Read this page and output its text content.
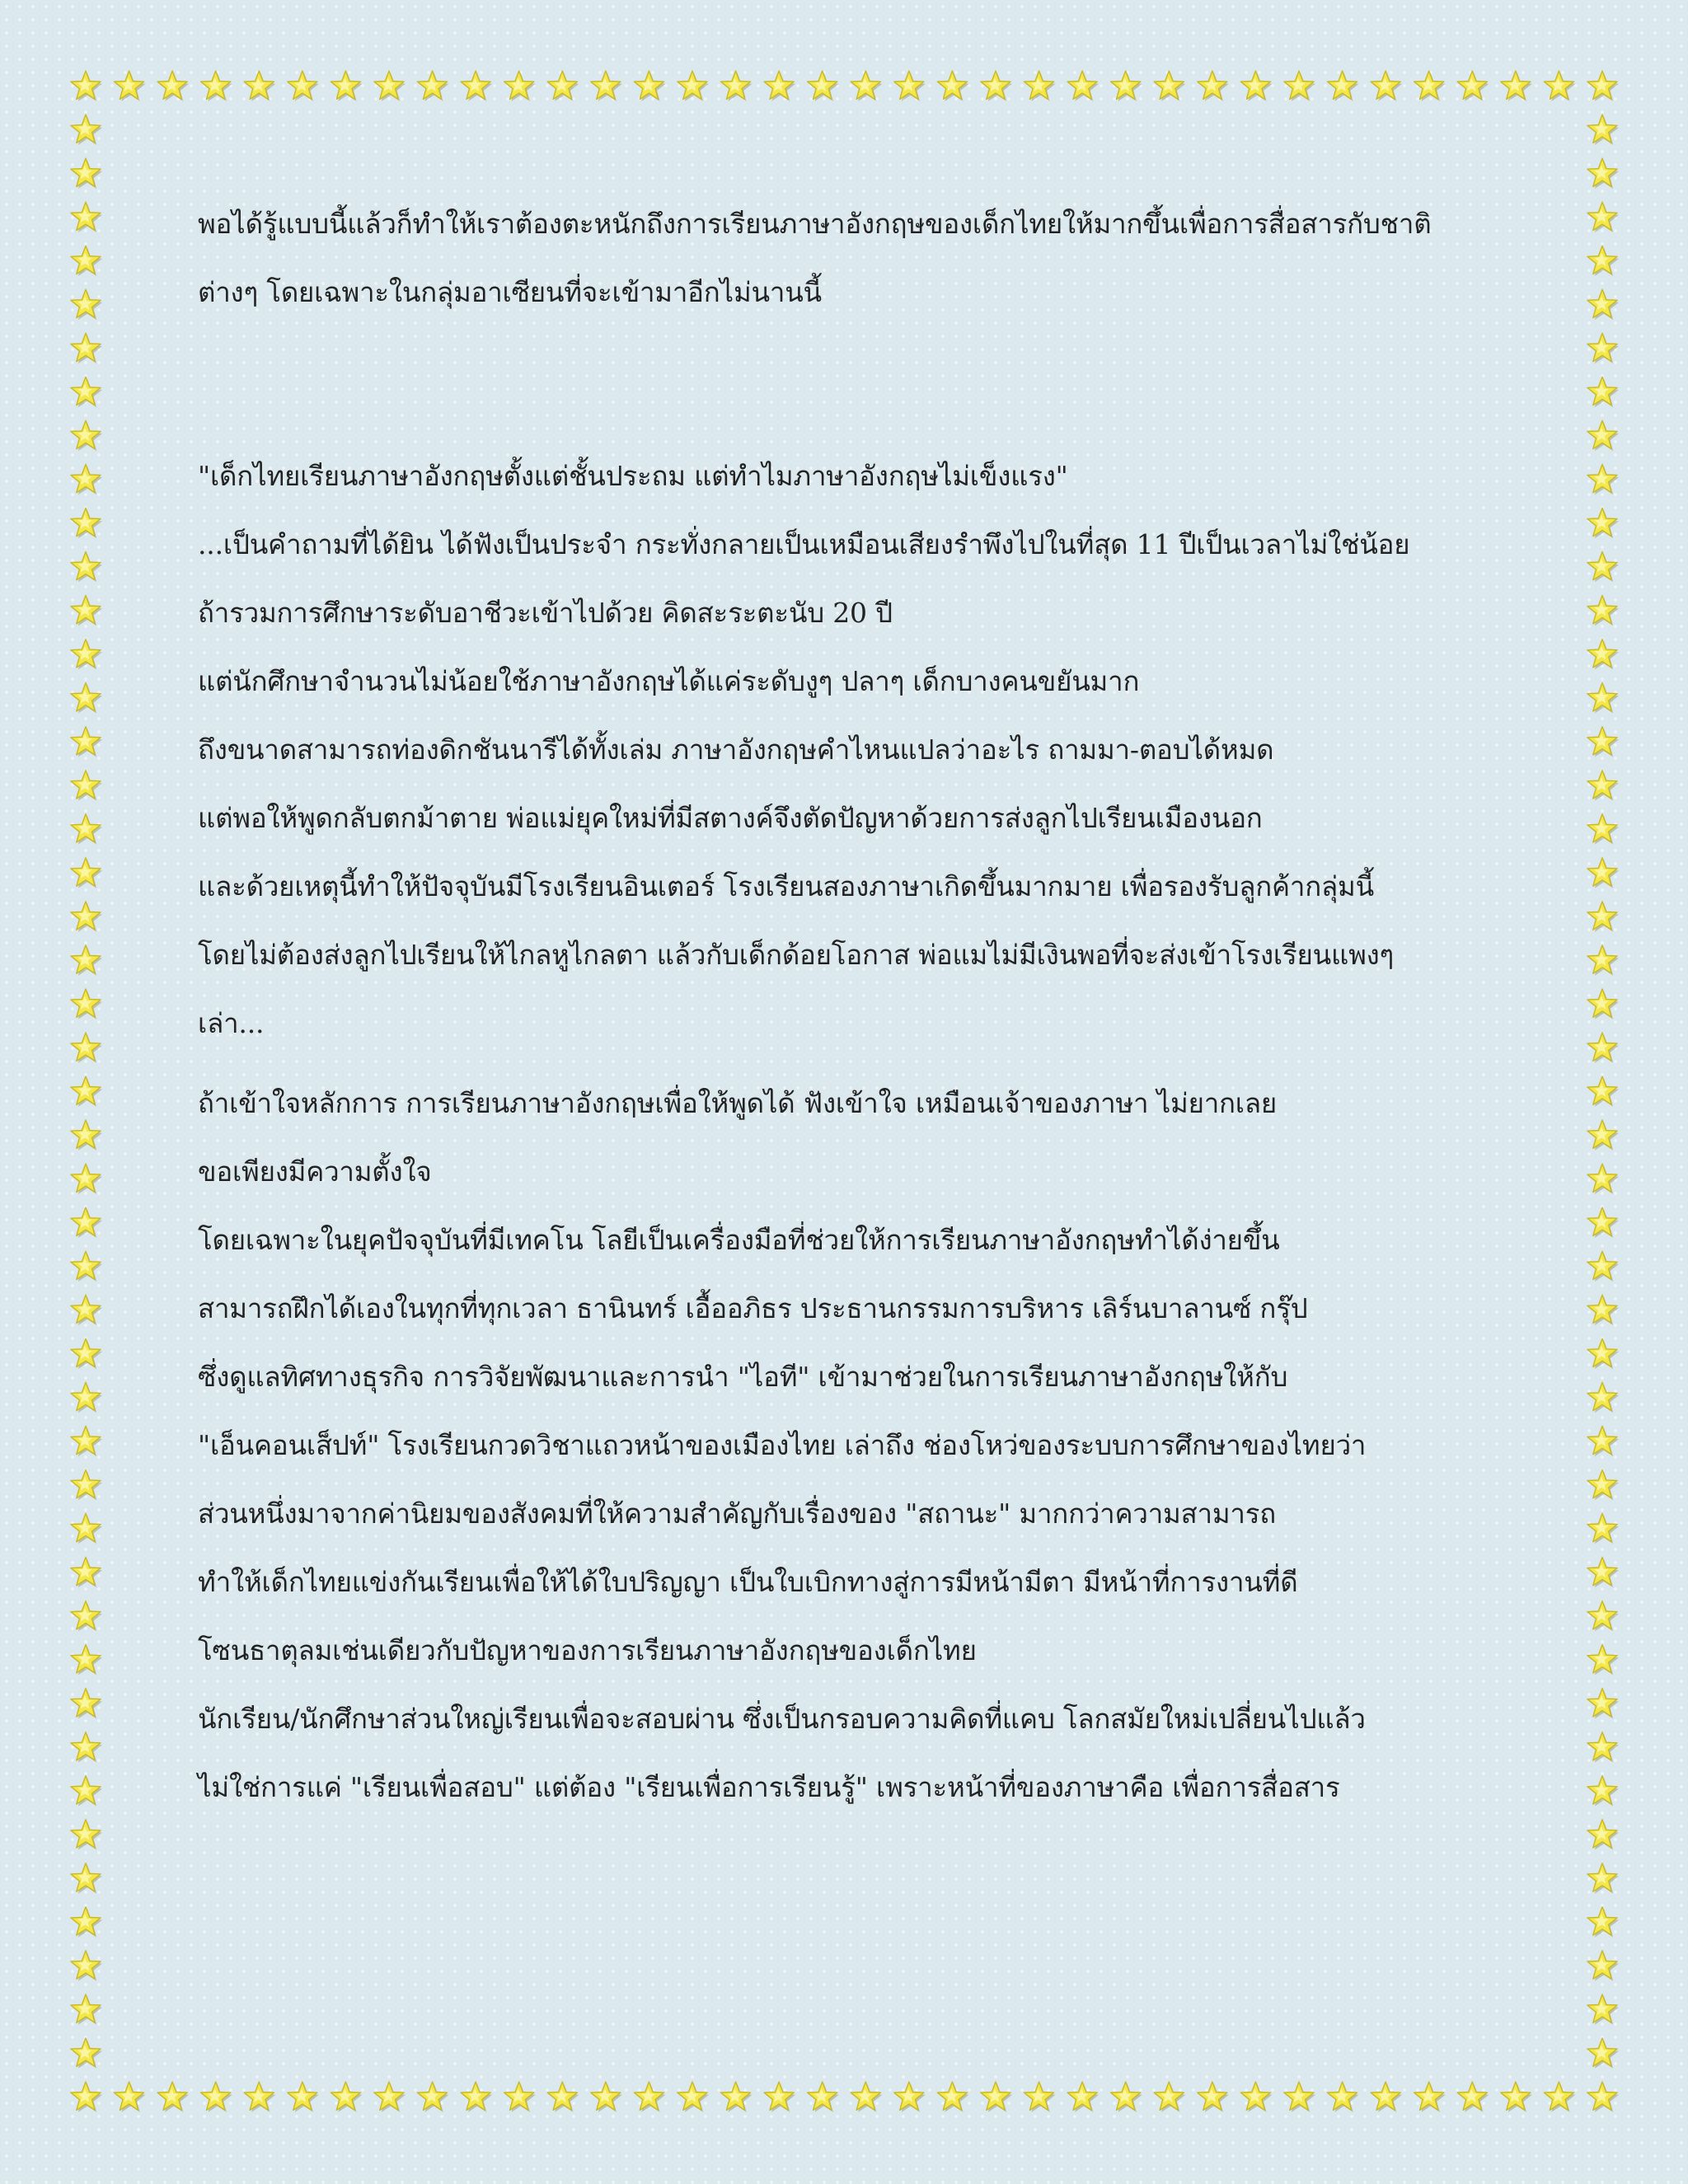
พอได้รู้แบบนี้แล้วก็ทำให้เราต้องตะหนักถึงการเรียนภาษาอังกฤษของเด็กไทยให้มากขึ้นเพื่อการสื่อสารกับชาติ
ต่างๆ โดยเฉพาะในกลุ่มอาเซียนที่จะเข้ามาอีกไม่นานนี้
"เด็กไทยเรียนภาษาอังกฤษตั้งแต่ชั้นประถม แต่ทำไมภาษาอังกฤษไม่เข็งแรง"
...เป็นคำถามที่ได้ยิน ได้ฟังเป็นประจำ กระทั่งกลายเป็นเหมือนเสียงรำพึงไปในที่สุด 11 ปีเป็นเวลาไม่ใช่น้อย
ถ้ารวมการศึกษาระดับอาชีวะเข้าไปด้วย คิดสะระตะนับ 20 ปี
แต่นักศึกษาจำนวนไม่น้อยใช้ภาษาอังกฤษได้แค่ระดับงูๆ ปลาๆ เด็กบางคนขยันมาก
ถึงขนาดสามารถท่องดิกชันนารีได้ทั้งเล่ม ภาษาอังกฤษคำไหนแปลว่าอะไร ถามมา-ตอบได้หมด
แต่พอให้พูดกลับตกม้าตาย พ่อแม่ยุคใหม่ที่มีสตางค์จึงตัดปัญหาด้วยการส่งลูกไปเรียนเมืองนอก
และด้วยเหตุนี้ทำให้ปัจจุบันมีโรงเรียนอินเตอร์ โรงเรียนสองภาษาเกิดขึ้นมากมาย เพื่อรองรับลูกค้ากลุ่มนี้
โดยไม่ต้องส่งลูกไปเรียนให้ไกลหูไกลตา แล้วกับเด็กด้อยโอกาส พ่อแมไม่มีเงินพอที่จะส่งเข้าโรงเรียนแพงๆ
เล่า...
ถ้าเข้าใจหลักการ การเรียนภาษาอังกฤษเพื่อให้พูดได้ ฟังเข้าใจ เหมือนเจ้าของภาษา ไม่ยากเลย
ขอเพียงมีความตั้งใจ
โดยเฉพาะในยุคปัจจุบันที่มีเทคโน โลยีเป็นเครื่องมือที่ช่วยให้การเรียนภาษาอังกฤษทำได้ง่ายขึ้น
สามารถฝึกได้เองในทุกที่ทุกเวลา ธานินทร์ เอื้ออภิธร ประธานกรรมการบริหาร เลิร์นบาลานซ์ กรุ๊ป
ซึ่งดูแลทิศทางธุรกิจ การวิจัยพัฒนาและการนำ "ไอที" เข้ามาช่วยในการเรียนภาษาอังกฤษให้กับ
"เอ็นคอนเส็ปท์" โรงเรียนกวดวิชาแถวหน้าของเมืองไทย เล่าถึง ช่องโหว่ของระบบการศึกษาของไทยว่า
ส่วนหนึ่งมาจากค่านิยมของสังคมที่ให้ความสำคัญกับเรื่องของ "สถานะ" มากกว่าความสามารถ
ทำให้เด็กไทยแข่งกันเรียนเพื่อให้ได้ใบปริญญา เป็นใบเบิกทางสู่การมีหน้ามีตา มีหน้าที่การงานที่ดี
โซนธาตุลมเช่นเดียวกับปัญหาของการเรียนภาษาอังกฤษของเด็กไทย
นักเรียน/นักศึกษาส่วนใหญ่เรียนเพื่อจะสอบผ่าน ซึ่งเป็นกรอบความคิดที่แคบ โลกสมัยใหม่เปลี่ยนไปแล้ว
ไม่ใช่การแค่ "เรียนเพื่อสอบ" แต่ต้อง "เรียนเพื่อการเรียนรู้" เพราะหน้าที่ของภาษาคือ เพื่อการสื่อสาร
